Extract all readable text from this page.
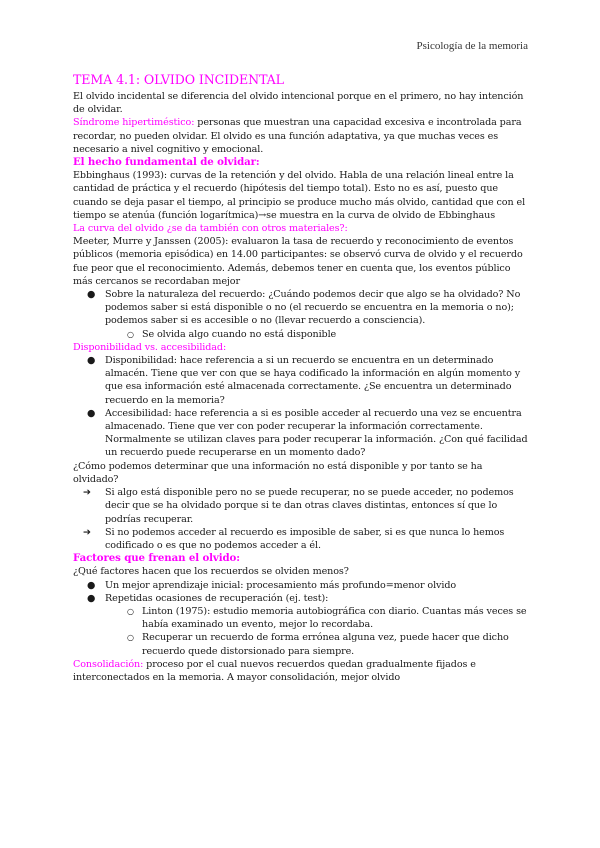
Psicología de la memoria
TEMA 4.1: OLVIDO INCIDENTAL

El olvido incidental se diferencia del olvido intencional porque en el primero, no hay intención de olvidar.

Síndrome hipertiméstico: personas que muestran una capacidad excesiva e incontrolada para recordar, no pueden olvidar. El olvido es una función adaptativa, ya que muchas veces es necesario a nivel cognitivo y emocional.

El hecho fundamental de olvidar:

Ebbinghaus (1993): curvas de la retención y del olvido. Habla de una relación lineal entre la cantidad de práctica y el recuerdo (hipótesis del tiempo total). Esto no es así, puesto que cuando se deja pasar el tiempo, al principio se produce mucho más olvido, cantidad que con el tiempo se atenúa (función logarítmica)→se muestra en la curva de olvido de Ebbinghaus

La curva del olvido ¿se da también con otros materiales?:

Meeter, Murre y Janssen (2005): evaluaron la tasa de recuerdo y reconocimiento de eventos públicos (memoria episódica) en 14.00 participantes: se observó curva de olvido y el recuerdo fue peor que el reconocimiento. Además, debemos tener en cuenta que, los eventos público más cercanos se recordaban mejor

● Sobre la naturaleza del recuerdo: ¿Cuándo podemos decir que algo se ha olvidado? No podemos saber si está disponible o no (el recuerdo se encuentra en la memoria o no); podemos saber si es accesible o no (llevar recuerdo a consciencia).
○ Se olvida algo cuando no está disponible

Disponibilidad vs. accesibilidad:

● Disponibilidad: hace referencia a si un recuerdo se encuentra en un determinado almacén. Tiene que ver con que se haya codificado la información en algún momento y que esa información esté almacenada correctamente. ¿Se encuentra un determinado recuerdo en la memoria?
● Accesibilidad: hace referencia a si es posible acceder al recuerdo una vez se encuentra almacenado. Tiene que ver con poder recuperar la información correctamente. Normalmente se utilizan claves para poder recuperar la información. ¿Con qué facilidad un recuerdo puede recuperarse en un momento dado?

¿Cómo podemos determinar que una información no está disponible y por tanto se ha olvidado?

➔ Si algo está disponible pero no se puede recuperar, no se puede acceder, no podemos decir que se ha olvidado porque si te dan otras claves distintas, entonces sí que lo podrías recuperar.
➔ Si no podemos acceder al recuerdo es imposible de saber, si es que nunca lo hemos codificado o es que no podemos acceder a él.

Factores que frenan el olvido:

¿Qué factores hacen que los recuerdos se olviden menos?

● Un mejor aprendizaje inicial: procesamiento más profundo=menor olvido
● Repetidas ocasiones de recuperación (ej. test):
○ Linton (1975): estudio memoria autobiográfica con diario. Cuantas más veces se había examinado un evento, mejor lo recordaba.
○ Recuperar un recuerdo de forma errónea alguna vez, puede hacer que dicho recuerdo quede distorsionado para siempre.

Consolidación: proceso por el cual nuevos recuerdos quedan gradualmente fijados e interconectados en la memoria. A mayor consolidación, mejor olvido
